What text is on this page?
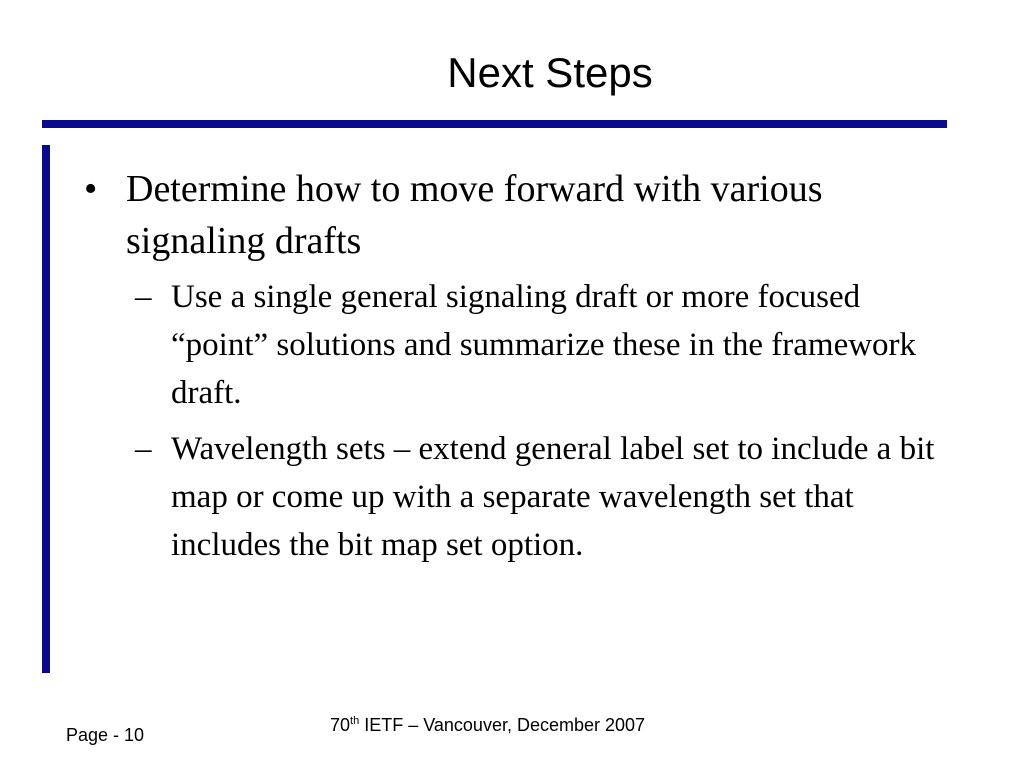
Next Steps
• Determine how to move forward with various signaling drafts
– Use a single general signaling draft or more focused “point” solutions and summarize these in the framework draft.
– Wavelength sets – extend general label set to include a bit map or come up with a separate wavelength set that includes the bit map set option.
Page - 10	70th IETF – Vancouver, December 2007
